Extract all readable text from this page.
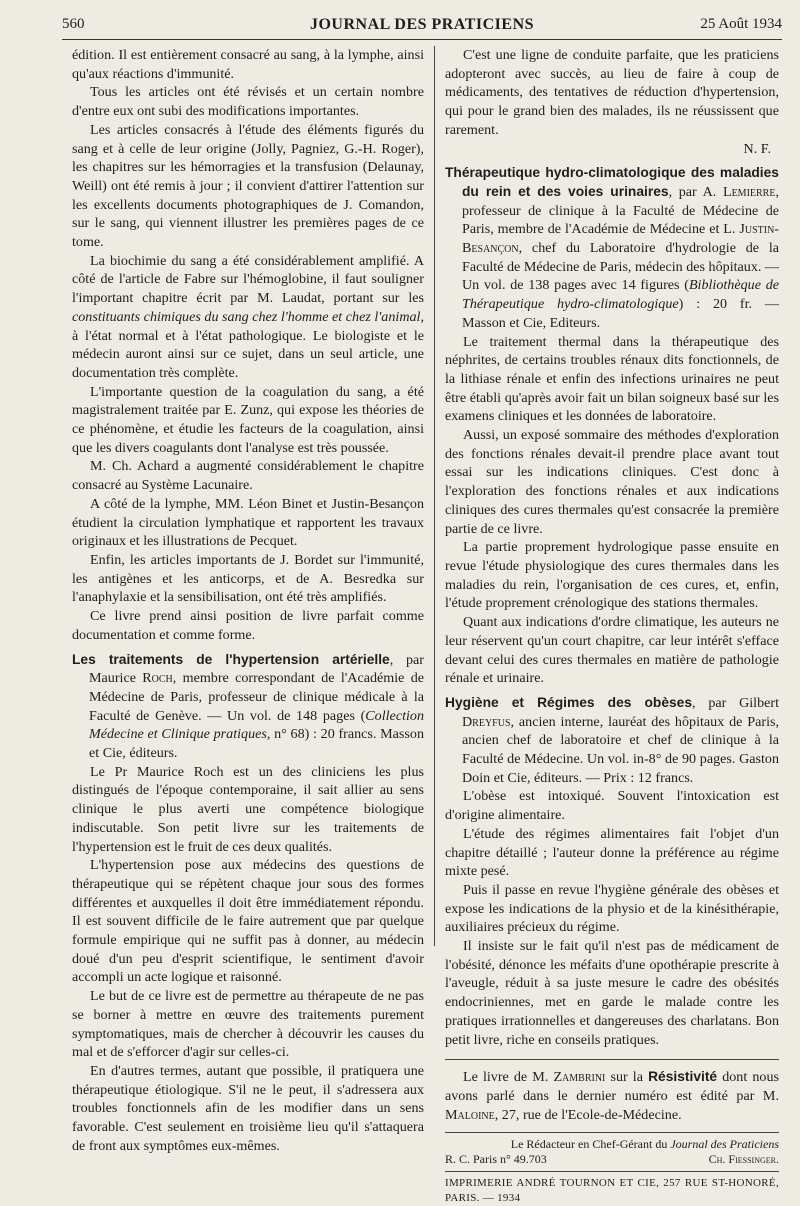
560	JOURNAL DES PRATICIENS	25 Août 1934

édition. Il est entièrement consacré au sang, à la lymphe, ainsi qu'aux réactions d'immunité.

Tous les articles ont été révisés et un certain nombre d'entre eux ont subi des modifications importantes.

Les articles consacrés à l'étude des éléments figurés du sang et à celle de leur origine (Jolly, Pagniez, G.-H. Roger), les chapitres sur les hémorragies et la transfusion (Delaunay, Weill) ont été remis à jour ; il convient d'attirer l'attention sur les excellents documents photographiques de J. Comandon, sur le sang, qui viennent illustrer les premières pages de ce tome.

La biochimie du sang a été considérablement amplifié. A côté de l'article de Fabre sur l'hémoglobine, il faut souligner l'important chapitre écrit par M. Laudat, portant sur les constituants chimiques du sang chez l'homme et chez l'animal, à l'état normal et à l'état pathologique. Le biologiste et le médecin auront ainsi sur ce sujet, dans un seul article, une documentation très complète.

L'importante question de la coagulation du sang, a été magistralement traitée par E. Zunz, qui expose les théories de ce phénomène, et étudie les facteurs de la coagulation, ainsi que les divers coagulants dont l'analyse est très poussée.

M. Ch. Achard a augmenté considérablement le chapitre consacré au Système Lacunaire.

A côté de la lymphe, MM. Léon Binet et Justin-Besançon étudient la circulation lymphatique et rapportent les travaux originaux et les illustrations de Pecquet.

Enfin, les articles importants de J. Bordet sur l'immunité, les antigènes et les anticorps, et de A. Besredka sur l'anaphylaxie et la sensibilisation, ont été très amplifiés.

Ce livre prend ainsi position de livre parfait comme documentation et comme forme.

Les traitements de l'hypertension artérielle, par Maurice Roch, membre correspondant de l'Académie de Médecine de Paris, professeur de clinique médicale à la Faculté de Genève. — Un vol. de 148 pages (Collection Médecine et Clinique pratiques, n° 68) : 20 francs. Masson et Cie, éditeurs.

Le Pr Maurice Roch est un des cliniciens les plus distingués de l'époque contemporaine, il sait allier au sens clinique le plus averti une compétence biologique indiscutable. Son petit livre sur les traitements de l'hypertension est le fruit de ces deux qualités.

L'hypertension pose aux médecins des questions de thérapeutique qui se répètent chaque jour sous des formes différentes et auxquelles il doit être immédiatement répondu. Il est souvent difficile de le faire autrement que par quelque formule empirique qui ne suffit pas à donner, au médecin doué d'un peu d'esprit scientifique, le sentiment d'avoir accompli un acte logique et raisonné.

Le but de ce livre est de permettre au thérapeute de ne pas se borner à mettre en œuvre des traitements purement symptomatiques, mais de chercher à découvrir les causes du mal et de s'efforcer d'agir sur celles-ci.

En d'autres termes, autant que possible, il pratiquera une thérapeutique étiologique. S'il ne le peut, il s'adressera aux troubles fonctionnels afin de les modifier dans un sens favorable. C'est seulement en troisième lieu qu'il s'attaquera de front aux symptômes eux-mêmes.

C'est une ligne de conduite parfaite, que les praticiens adopteront avec succès, au lieu de faire à coup de médicaments, des tentatives de réduction d'hypertension, qui pour le grand bien des malades, ils ne réussissent que rarement.

N. F.

Thérapeutique hydro-climatologique des maladies du rein et des voies urinaires, par A. Lemierre, professeur de clinique à la Faculté de Médecine de Paris, membre de l'Académie de Médecine et L. Justin-Besançon, chef du Laboratoire d'hydrologie de la Faculté de Médecine de Paris, médecin des hôpitaux. — Un vol. de 138 pages avec 14 figures (Bibliothèque de Thérapeutique hydro-climatologique) : 20 fr. — Masson et Cie, Editeurs.

Le traitement thermal dans la thérapeutique des néphrites, de certains troubles rénaux dits fonctionnels, de la lithiase rénale et enfin des infections urinaires ne peut être établi qu'après avoir fait un bilan soigneux basé sur les examens cliniques et les données de laboratoire.

Aussi, un exposé sommaire des méthodes d'exploration des fonctions rénales devait-il prendre place avant tout essai sur les indications cliniques. C'est donc à l'exploration des fonctions rénales et aux indications cliniques des cures thermales qu'est consacrée la première partie de ce livre.

La partie proprement hydrologique passe ensuite en revue l'étude physiologique des cures thermales dans les maladies du rein, l'organisation de ces cures, et, enfin, l'étude proprement crénologique des stations thermales.

Quant aux indications d'ordre climatique, les auteurs ne leur réservent qu'un court chapitre, car leur intérêt s'efface devant celui des cures thermales en matière de pathologie rénale et urinaire.

Hygiène et Régimes des obèses, par Gilbert Dreyfus, ancien interne, lauréat des hôpitaux de Paris, ancien chef de laboratoire et chef de clinique à la Faculté de Médecine. Un vol. in-8° de 90 pages. Gaston Doin et Cie, éditeurs. — Prix : 12 francs.

L'obèse est intoxiqué. Souvent l'intoxication est d'origine alimentaire.

L'étude des régimes alimentaires fait l'objet d'un chapitre détaillé ; l'auteur donne la préférence au régime mixte pesé.

Puis il passe en revue l'hygiène générale des obèses et expose les indications de la physio et de la kinésithérapie, auxiliaires précieux du régime.

Il insiste sur le fait qu'il n'est pas de médicament de l'obésité, dénonce les méfaits d'une opothérapie prescrite à l'aveugle, réduit à sa juste mesure le cadre des obésités endocriniennes, met en garde le malade contre les pratiques irrationnelles et dangereuses des charlatans. Bon petit livre, riche en conseils pratiques.

Le livre de M. Zambrini sur la Résistivité dont nous avons parlé dans le dernier numéro est édité par M. Maloine, 27, rue de l'Ecole-de-Médecine.

Le Rédacteur en Chef-Gérant du Journal des Praticiens

R. C. Paris n° 49.703	Ch. Fiessinger.

IMPRIMERIE ANDRÉ TOURNON ET CIE, 257 RUE ST-HONORÉ, PARIS. — 1934
